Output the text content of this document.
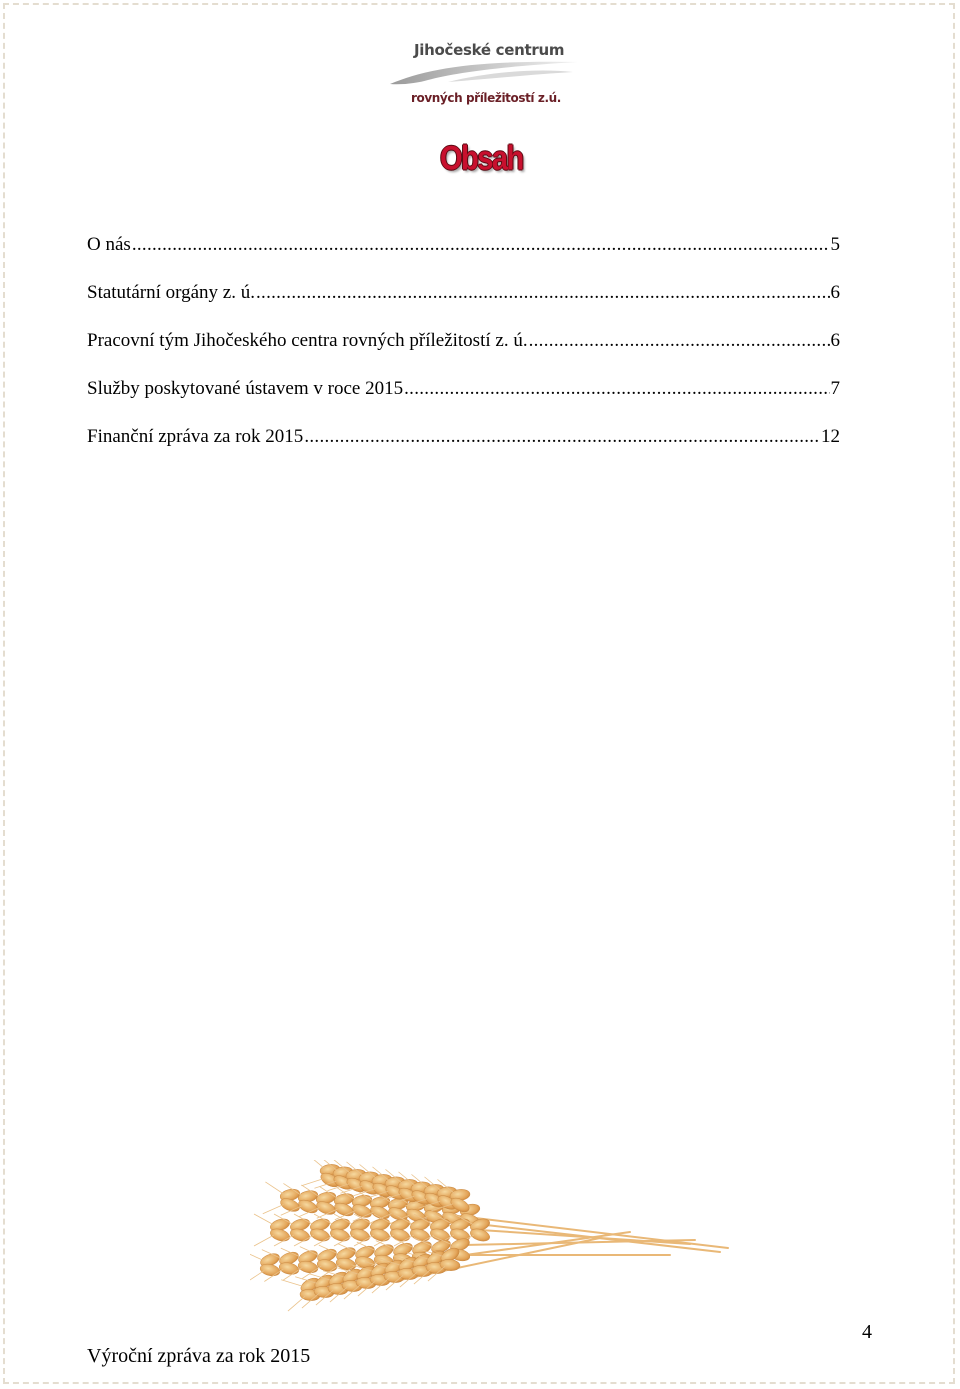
Jihočeské centrum
rovných příležitostí z.ú.
Obsah
O nás .....	5
Statutární orgány z. ú. .....	6
Pracovní tým Jihočeského centra rovných příležitostí z. ú. .....	6
Služby poskytované ústavem v roce 2015 .....	7
Finanční zpráva za rok 2015 .....	12
Výroční zpráva za rok 2015
4
